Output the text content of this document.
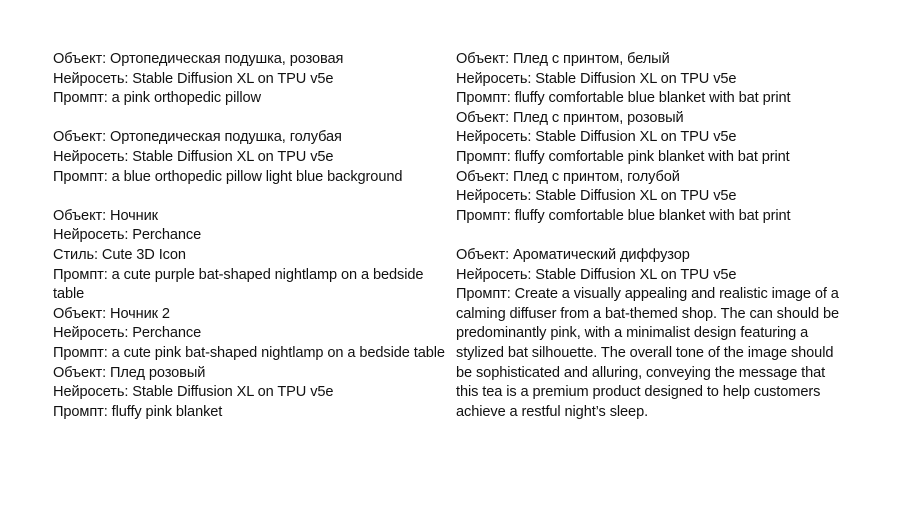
Объект: Ортопедическая подушка, розовая
Нейросеть: Stable Diffusion XL on TPU v5e
Промпт: a pink orthopedic pillow
Объект: Ортопедическая подушка, голубая
Нейросеть: Stable Diffusion XL on TPU v5e
Промпт: a blue orthopedic pillow light blue background
Объект: Ночник
Нейросеть: Perchance
Стиль: Cute 3D Icon
Промпт: a cute purple bat-shaped nightlamp on a bedside table
Объект: Ночник 2
Нейросеть: Perchance
Промпт: a cute pink bat-shaped nightlamp on a bedside table
Объект: Плед розовый
Нейросеть: Stable Diffusion XL on TPU v5e
Промпт: fluffy pink blanket
Объект: Плед с принтом, белый
Нейросеть: Stable Diffusion XL on TPU v5e
Промпт: fluffy comfortable blue blanket with bat print
Объект: Плед с принтом, розовый
Нейросеть: Stable Diffusion XL on TPU v5e
Промпт: fluffy comfortable pink blanket with bat print
Объект: Плед с принтом, голубой
Нейросеть: Stable Diffusion XL on TPU v5e
Промпт: fluffy comfortable blue blanket with bat print
Объект: Ароматический диффузор
Нейросеть: Stable Diffusion XL on TPU v5e
Промпт: Create a visually appealing and realistic image of a calming diffuser from a bat-themed shop. The can should be predominantly pink, with a minimalist design featuring a stylized bat silhouette. The overall tone of the image should be sophisticated and alluring, conveying the message that this tea is a premium product designed to help customers achieve a restful night’s sleep.
